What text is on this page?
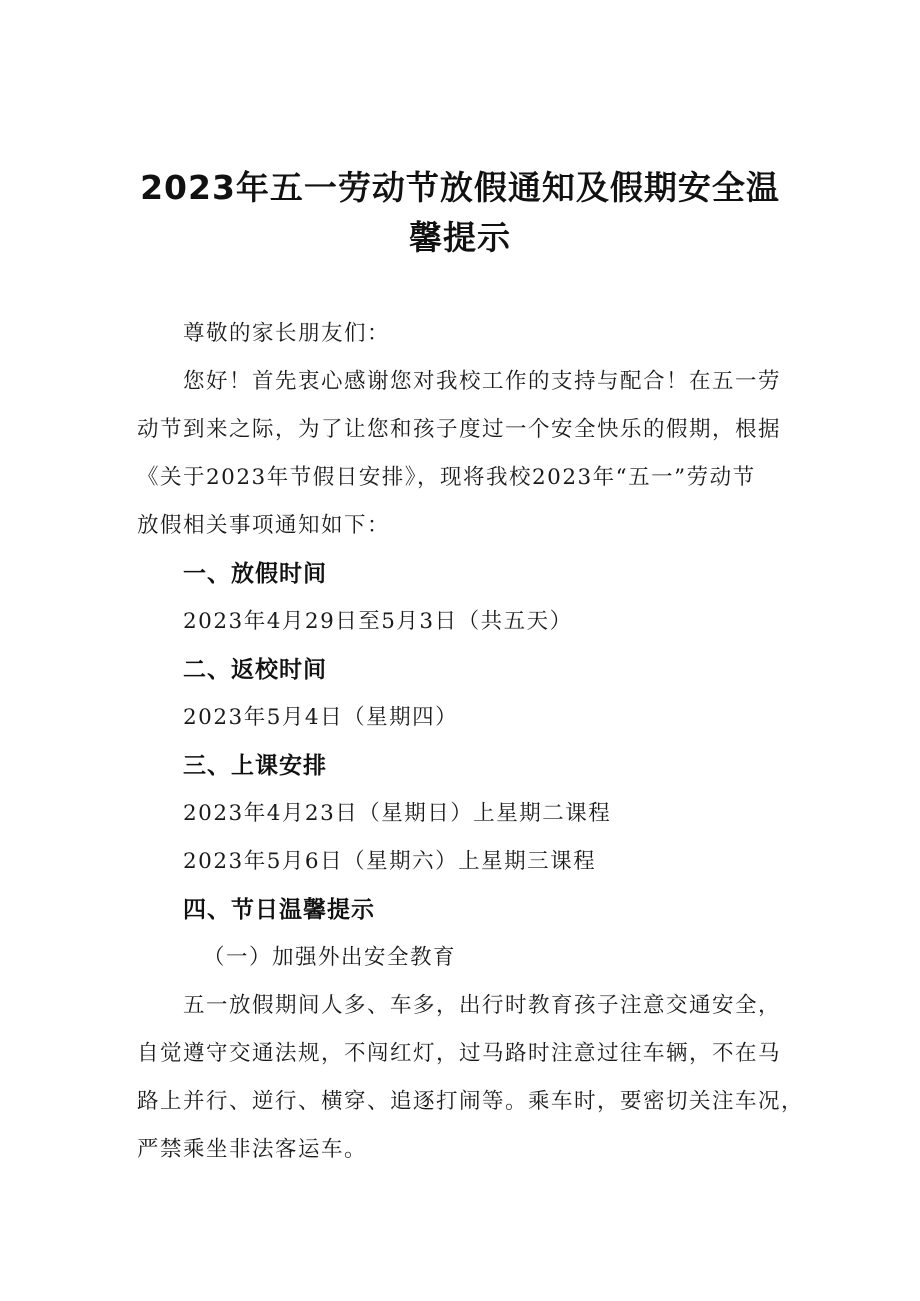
2023年五一劳动节放假通知及假期安全温
馨提示

尊敬的家长朋友们：

您好！首先衷心感谢您对我校工作的支持与配合！在五一劳

动节到来之际，为了让您和孩子度过一个安全快乐的假期，根据

《关于2023年节假日安排》，现将我校2023年“五一”劳动节

放假相关事项通知如下：

一、放假时间

2023年4月29日至5月3日（共五天）

二、返校时间

2023年5月4日（星期四）

三、上课安排

2023年4月23日（星期日）上星期二课程

2023年5月6日（星期六）上星期三课程

四、节日温馨提示

（一）加强外出安全教育

五一放假期间人多、车多，出行时教育孩子注意交通安全，

自觉遵守交通法规，不闯红灯，过马路时注意过往车辆，不在马

路上并行、逆行、横穿、追逐打闹等。乘车时，要密切关注车况，

严禁乘坐非法客运车。
